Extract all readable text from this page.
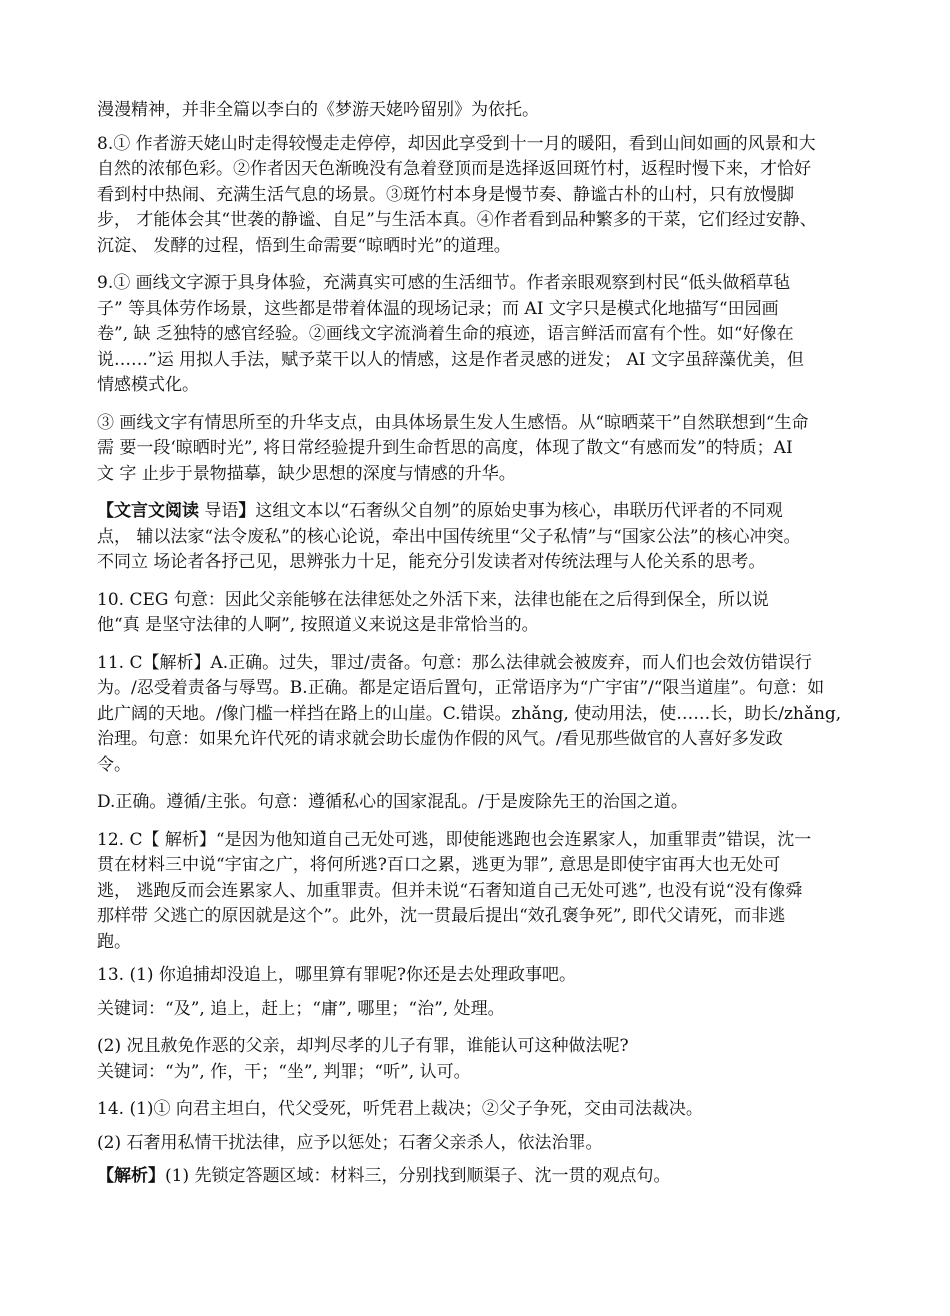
漫漫精神，并非全篇以李白的《梦游天姥吟留别》为依托。

8.① 作者游天姥山时走得较慢走走停停，却因此享受到十一月的暖阳，看到山间如画的风景和大
自然的浓郁色彩。②作者因天色渐晚没有急着登顶而是选择返回斑竹村，返程时慢下来，才恰好
看到村中热闹、充满生活气息的场景。③斑竹村本身是慢节奏、静谧古朴的山村，只有放慢脚
步， 才能体会其“世袭的静谧、自足”与生活本真。④作者看到品种繁多的干菜，它们经过安静、
沉淀、 发酵的过程，悟到生命需要“晾晒时光”的道理。

9.① 画线文字源于具身体验，充满真实可感的生活细节。作者亲眼观察到村民“低头做稻草毡
子” 等具体劳作场景，这些都是带着体温的现场记录；而 AI 文字只是模式化地描写“田园画
卷”, 缺 乏独特的感官经验。②画线文字流淌着生命的痕迹，语言鲜活而富有个性。如“好像在
说……”运 用拟人手法，赋予菜干以人的情感，这是作者灵感的迸发； AI 文字虽辞藻优美，但
情感模式化。

③ 画线文字有情思所至的升华支点，由具体场景生发人生感悟。从“晾晒菜干”自然联想到“生命
需 要一段‘晾晒时光”, 将日常经验提升到生命哲思的高度，体现了散文“有感而发”的特质；AI
文 字 止步于景物描摹，缺少思想的深度与情感的升华。

【文言文阅读 导语】这组文本以“石奢纵父自刎”的原始史事为核心，串联历代评者的不同观
点， 辅以法家“法令废私”的核心论说，牵出中国传统里“父子私情”与“国家公法”的核心冲突。
不同立 场论者各抒己见，思辨张力十足，能充分引发读者对传统法理与人伦关系的思考。

10. CEG 句意：因此父亲能够在法律惩处之外活下来，法律也能在之后得到保全，所以说
他“真 是坚守法律的人啊”, 按照道义来说这是非常恰当的。

11. C【解析】A.正确。过失，罪过/责备。句意：那么法律就会被废弃，而人们也会效仿错误行
为。/忍受着责备与辱骂。B.正确。都是定语后置句，正常语序为“广宇宙”/“限当道崖”。句意：如
此广阔的天地。/像门槛一样挡在路上的山崖。C.错误。zhǎng, 使动用法，使……长，助长/zhǎng,
治理。句意：如果允许代死的请求就会助长虚伪作假的风气。/看见那些做官的人喜好多发政
令。

D.正确。遵循/主张。句意：遵循私心的国家混乱。/于是废除先王的治国之道。

12. C【 解析】“是因为他知道自己无处可逃，即使能逃跑也会连累家人，加重罪责”错误，沈一
贯在材料三中说“宇宙之广，将何所逃?百口之累，逃更为罪”, 意思是即使宇宙再大也无处可
逃， 逃跑反而会连累家人、加重罪责。但并未说“石奢知道自己无处可逃”, 也没有说“没有像舜
那样带 父逃亡的原因就是这个”。此外，沈一贯最后提出“效孔褒争死”, 即代父请死，而非逃
跑。

13. (1) 你追捕却没追上，哪里算有罪呢?你还是去处理政事吧。

关键词：“及”, 追上，赶上；“庸”, 哪里；“治”, 处理。

(2) 况且赦免作恶的父亲，却判尽孝的儿子有罪，谁能认可这种做法呢?
关键词：“为”, 作，干；“坐”, 判罪；“听”, 认可。

14. (1)① 向君主坦白，代父受死，听凭君上裁决；②父子争死，交由司法裁决。

(2) 石奢用私情干扰法律，应予以惩处；石奢父亲杀人，依法治罪。

【解析】(1) 先锁定答题区域：材料三，分别找到顺渠子、沈一贯的观点句。
